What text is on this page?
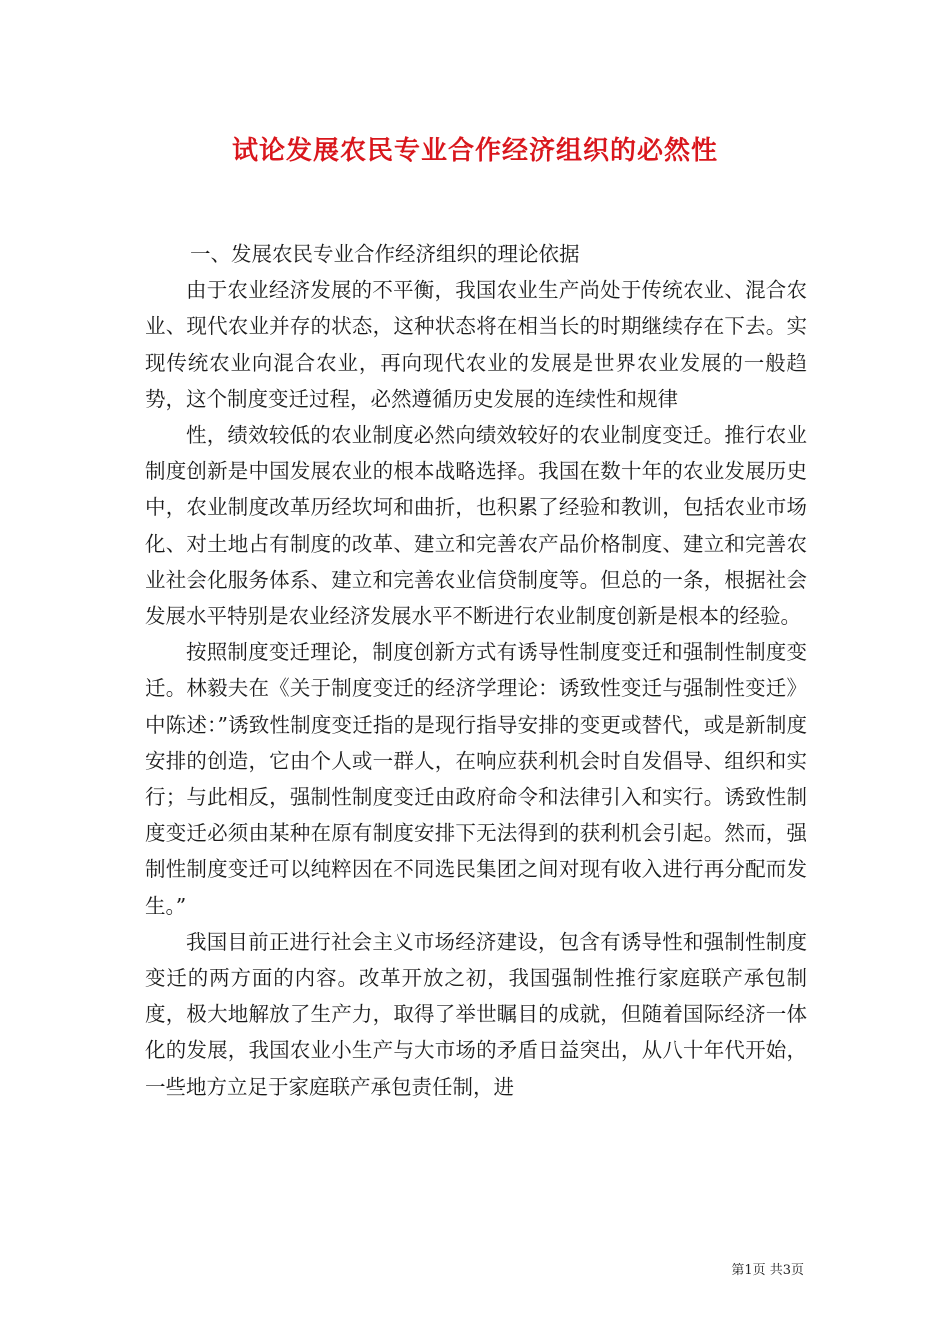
试论发展农民专业合作经济组织的必然性

一、发展农民专业合作经济组织的理论依据

由于农业经济发展的不平衡，我国农业生产尚处于传统农业、混合农业、现代农业并存的状态，这种状态将在相当长的时期继续存在下去。实现传统农业向混合农业，再向现代农业的发展是世界农业发展的一般趋势，这个制度变迁过程，必然遵循历史发展的连续性和规律

性，绩效较低的农业制度必然向绩效较好的农业制度变迁。推行农业制度创新是中国发展农业的根本战略选择。我国在数十年的农业发展历史中，农业制度改革历经坎坷和曲折，也积累了经验和教训，包括农业市场化、对土地占有制度的改革、建立和完善农产品价格制度、建立和完善农业社会化服务体系、建立和完善农业信贷制度等。但总的一条，根据社会发展水平特别是农业经济发展水平不断进行农业制度创新是根本的经验。

按照制度变迁理论，制度创新方式有诱导性制度变迁和强制性制度变迁。林毅夫在《关于制度变迁的经济学理论：诱致性变迁与强制性变迁》中陈述：”诱致性制度变迁指的是现行指导安排的变更或替代，或是新制度安排的创造，它由个人或一群人，在响应获利机会时自发倡导、组织和实行；与此相反，强制性制度变迁由政府命令和法律引入和实行。诱致性制度变迁必须由某种在原有制度安排下无法得到的获利机会引起。然而，强制性制度变迁可以纯粹因在不同选民集团之间对现有收入进行再分配而发生。”

我国目前正进行社会主义市场经济建设，包含有诱导性和强制性制度变迁的两方面的内容。改革开放之初，我国强制性推行家庭联产承包制度，极大地解放了生产力，取得了举世瞩目的成就，但随着国际经济一体化的发展，我国农业小生产与大市场的矛盾日益突出，从八十年代开始，一些地方立足于家庭联产承包责任制，进

第1页 共3页
